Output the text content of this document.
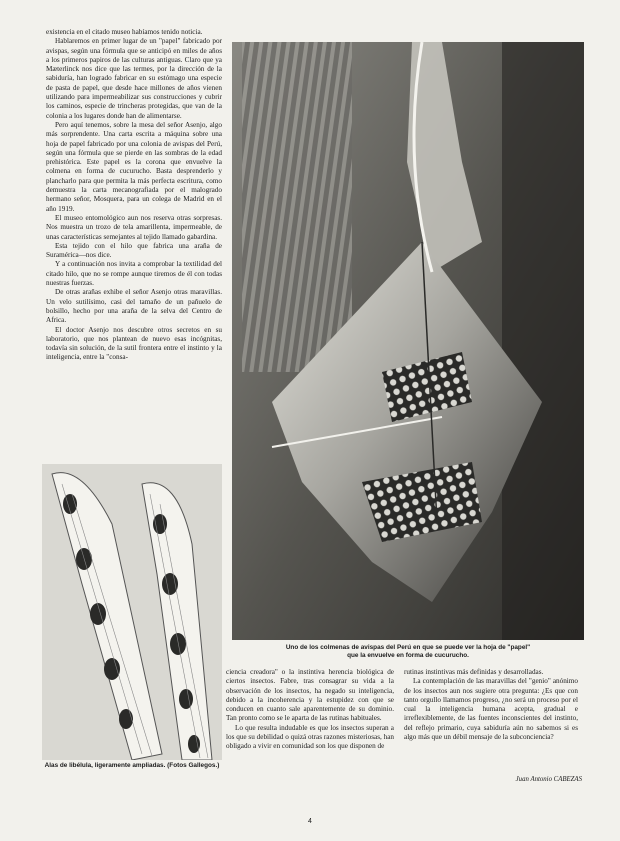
existencia en el citado museo habíamos tenido noticia.

Hablaremos en primer lugar de un "papel" fabricado por avispas, según una fórmula que se anticipó en miles de años a los primeros papiros de las culturas antiguas. Claro que ya Mæterlinck nos dice que las termes, por la dirección de la sabiduría, han logrado fabricar en su estómago una especie de pasta de papel, que desde hace millones de años vienen utilizando para impermeabilizar sus construcciones y cubrir los caminos, especie de trincheras protegidas, que van de la colonia a los lugares donde han de alimentarse.

Pero aquí tenemos, sobre la mesa del señor Asenjo, algo más sorprendente. Una carta escrita a máquina sobre una hoja de papel fabricado por una colonia de avispas del Perú, según una fórmula que se pierde en las sombras de la edad prehistórica. Este papel es la corona que envuelve la colmena en forma de cucurucho. Basta desprenderlo y plancharlo para que permita la más perfecta escritura, como demuestra la carta mecanografiada por el malogrado hermano señor, Mosquera, para un colega de Madrid en el año 1919.

El museo entomológico aun nos reserva otras sorpresas. Nos muestra un trozo de tela amarillenta, impermeable, de unas características semejantes al tejido llamado gabardina.

Esta tejido con el hilo que fabrica una araña de Suramérica—nos dice.

Y a continuación nos invita a comprobar la textilidad del citado hilo, que no se rompe aunque tiremos de él con todas nuestras fuerzas.

De otras arañas exhibe el señor Asenjo otras maravillas. Un velo sutilísimo, casi del tamaño de un pañuelo de bolsillo, hecho por una araña de la selva del Centro de Africa.

El doctor Asenjo nos descubre otros secretos en su laboratorio, que nos plantean de nuevo esas incógnitas, todavía sin solución, de la sutil frontera entre el instinto y la inteligencia, entre la "consa-

Uno de los colmenas de avispas del Perú en que se puede ver la hoja de "papel"
que la envuelve en forma de cucurucho.
Alas de libélula, ligeramente ampliadas. (Fotos Gallegos.)

ciencia creadora" o la instintiva herencia biológica de ciertos insectos. Fabre, tras consagrar su vida a la observación de los insectos, ha negado su inteligencia, debido a la incoherencia y la estupidez con que se conducen en cuanto sale aparentemente de su dominio. Tan pronto como se le aparta de las rutinas habituales.

Lo que resulta indudable es que los insectos superan a los que su debilidad o quizá otras razones misteriosas, han obligado a vivir en comunidad son los que disponen de

rutinas instintivas más definidas y desarrolladas.

La contemplación de las maravillas del "genio" anónimo de los insectos aun nos sugiere otra pregunta: ¿Es que con tanto orgullo llamamos progreso, ¿no será un proceso por el cual la inteligencia humana acepta, gradual e irreflexiblemente, de las fuentes inconscientes del instinto, del reflejo primario, cuya sabiduría aún no sabemos si es algo más que un débil mensaje de la subconciencia?

Juan Antonio CABEZAS
4
